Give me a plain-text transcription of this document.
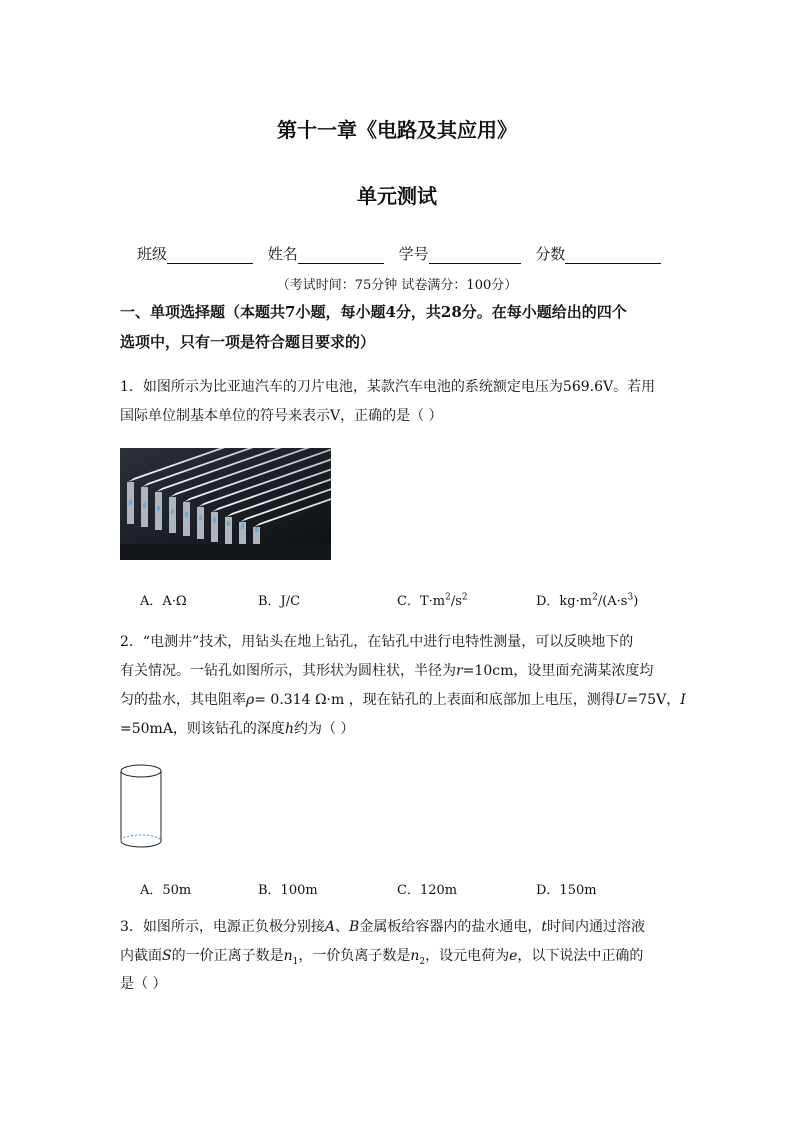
第十一章《电路及其应用》
单元测试
班级	姓名	学号	分数
（考试时间：75分钟 试卷满分：100分）
一、单项选择题（本题共7小题，每小题4分，共28分。在每小题给出的四个
选项中，只有一项是符合题目要求的）
1．如图所示为比亚迪汽车的刀片电池，某款汽车电池的系统额定电压为569.6V。若用
国际单位制基本单位的符号来表示V，正确的是（ ）
A．A·Ω	B．J/C	C．$T\cdot m^2/s^2$	D．$kg\cdot m^2/(A\cdot s^3)$
2．“电测井”技术，用钻头在地上钻孔，在钻孔中进行电特性测量，可以反映地下的
有关情况。一钻孔如图所示，其形状为圆柱状，半径为r=10cm，设里面充满某浓度均
匀的盐水，其电阻率ρ= 0.314 Ω·m ，现在钻孔的上表面和底部加上电压，测得U=75V，I
=50mA，则该钻孔的深度h约为（ ）
A．50m	B．100m	C．120m	D．150m
3．如图所示，电源正负极分别接A、B金属板给容器内的盐水通电，t时间内通过溶液
内截面S的一价正离子数是$n_1$，一价负离子数是$n_2$，设元电荷为e，以下说法中正确的
是（ ）
